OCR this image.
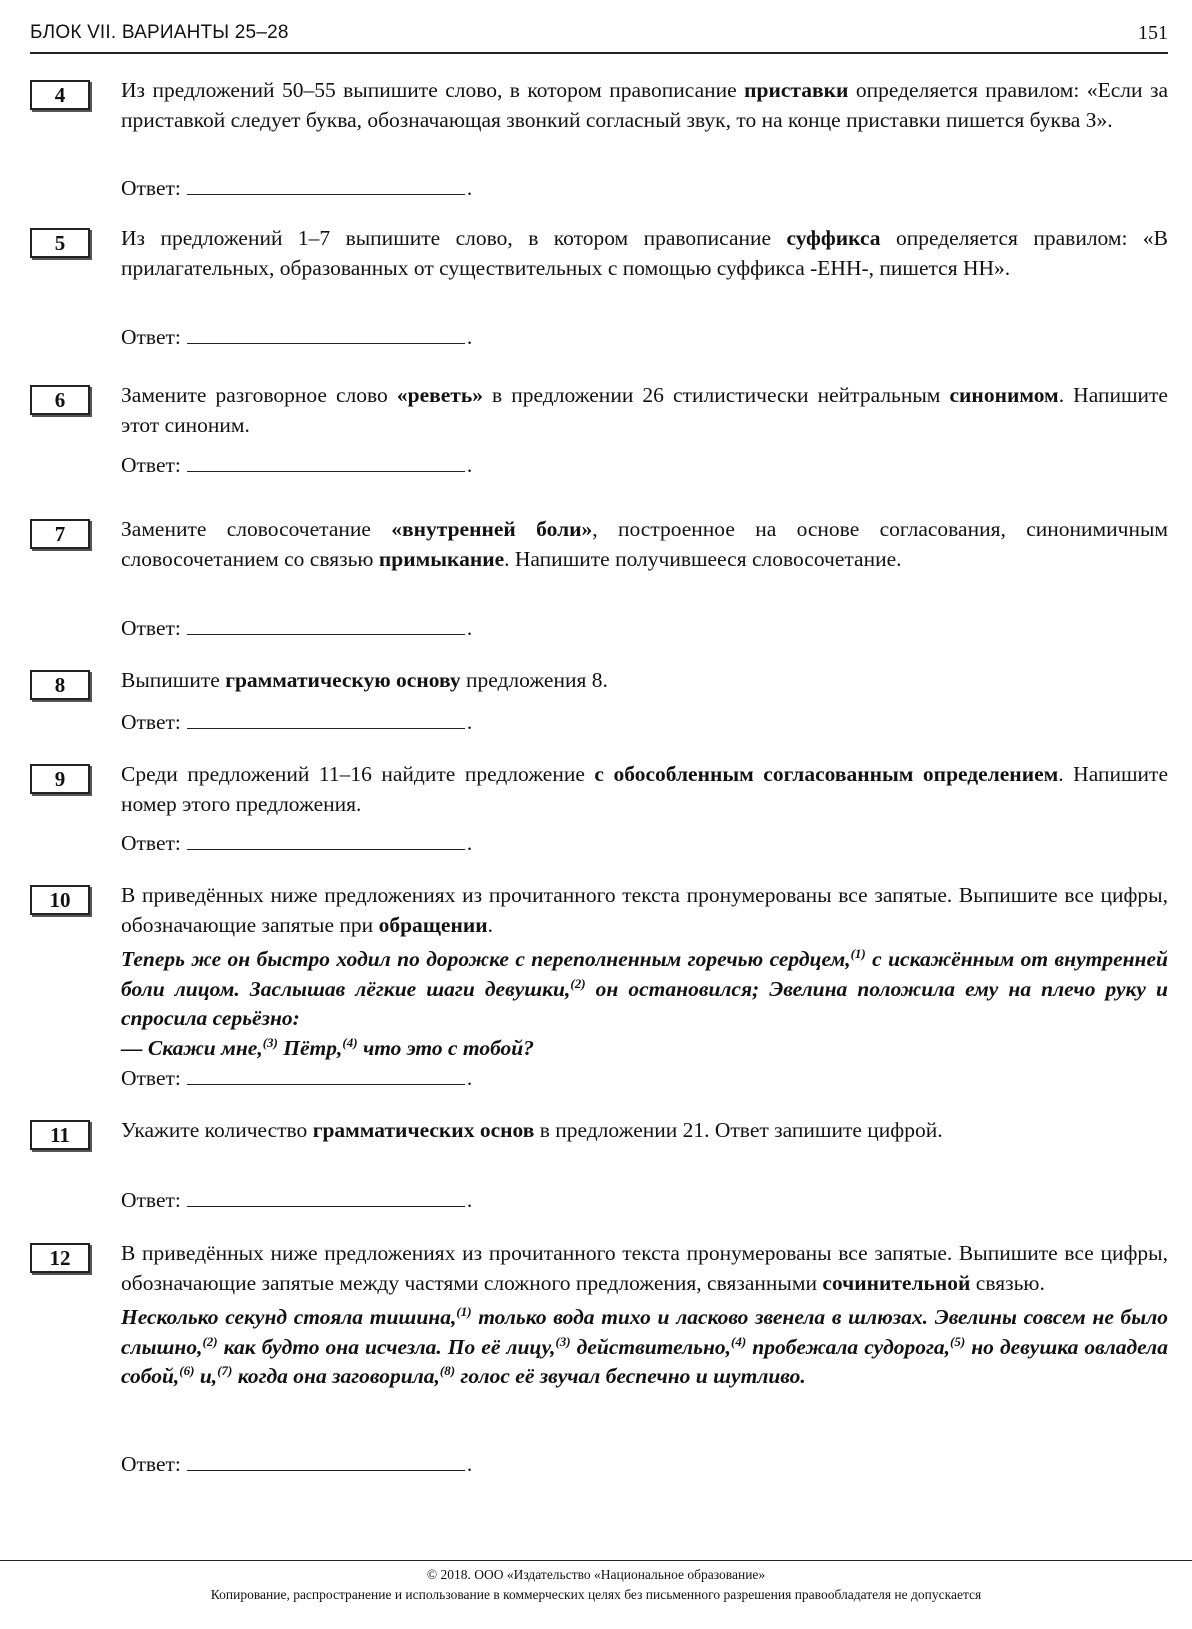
БЛОК VII. ВАРИАНТЫ 25–28	151
4	Из предложений 50–55 выпишите слово, в котором правописание приставки определяется правилом: «Если за приставкой следует буква, обозначающая звонкий согласный звук, то на конце приставки пишется буква З».
Ответ:	.
5	Из предложений 1–7 выпишите слово, в котором правописание суффикса определяется правилом: «В прилагательных, образованных от существительных с помощью суффикса -ЕНН-, пишется НН».
Ответ:	.
6	Замените разговорное слово «реветь» в предложении 26 стилистически нейтральным синонимом. Напишите этот синоним.
Ответ:	.
7	Замените словосочетание «внутренней боли», построенное на основе согласования, синонимичным словосочетанием со связью примыкание. Напишите получившееся словосочетание.
Ответ:	.
8	Выпишите грамматическую основу предложения 8.
Ответ:	.
9	Среди предложений 11–16 найдите предложение с обособленным согласованным определением. Напишите номер этого предложения.
Ответ:	.
10	В приведённых ниже предложениях из прочитанного текста пронумерованы все запятые. Выпишите все цифры, обозначающие запятые при обращении.
Теперь же он быстро ходил по дорожке с переполненным горечью сердцем,$^{(1)}$ с искажённым от внутренней боли лицом. Заслышав лёгкие шаги девушки,$^{(2)}$ он остановился; Эвелина положила ему на плечо руку и спросила серьёзно:
— Скажи мне,$^{(3)}$ Пётр,$^{(4)}$ что это с тобой?
Ответ:	.
11	Укажите количество грамматических основ в предложении 21. Ответ запишите цифрой.
Ответ:	.
12	В приведённых ниже предложениях из прочитанного текста пронумерованы все запятые. Выпишите все цифры, обозначающие запятые между частями сложного предложения, связанными сочинительной связью.
Несколько секунд стояла тишина,$^{(1)}$ только вода тихо и ласково звенела в шлюзах. Эвелины совсем не было слышно,$^{(2)}$ как будто она исчезла. По её лицу,$^{(3)}$ действительно,$^{(4)}$ пробежала судорога,$^{(5)}$ но девушка овладела собой,$^{(6)}$ и,$^{(7)}$ когда она заговорила,$^{(8)}$ голос её звучал беспечно и шутливо.
Ответ:	.
© 2018. ООО «Издательство «Национальное образование»
Копирование, распространение и использование в коммерческих целях без письменного разрешения правообладателя не допускается
